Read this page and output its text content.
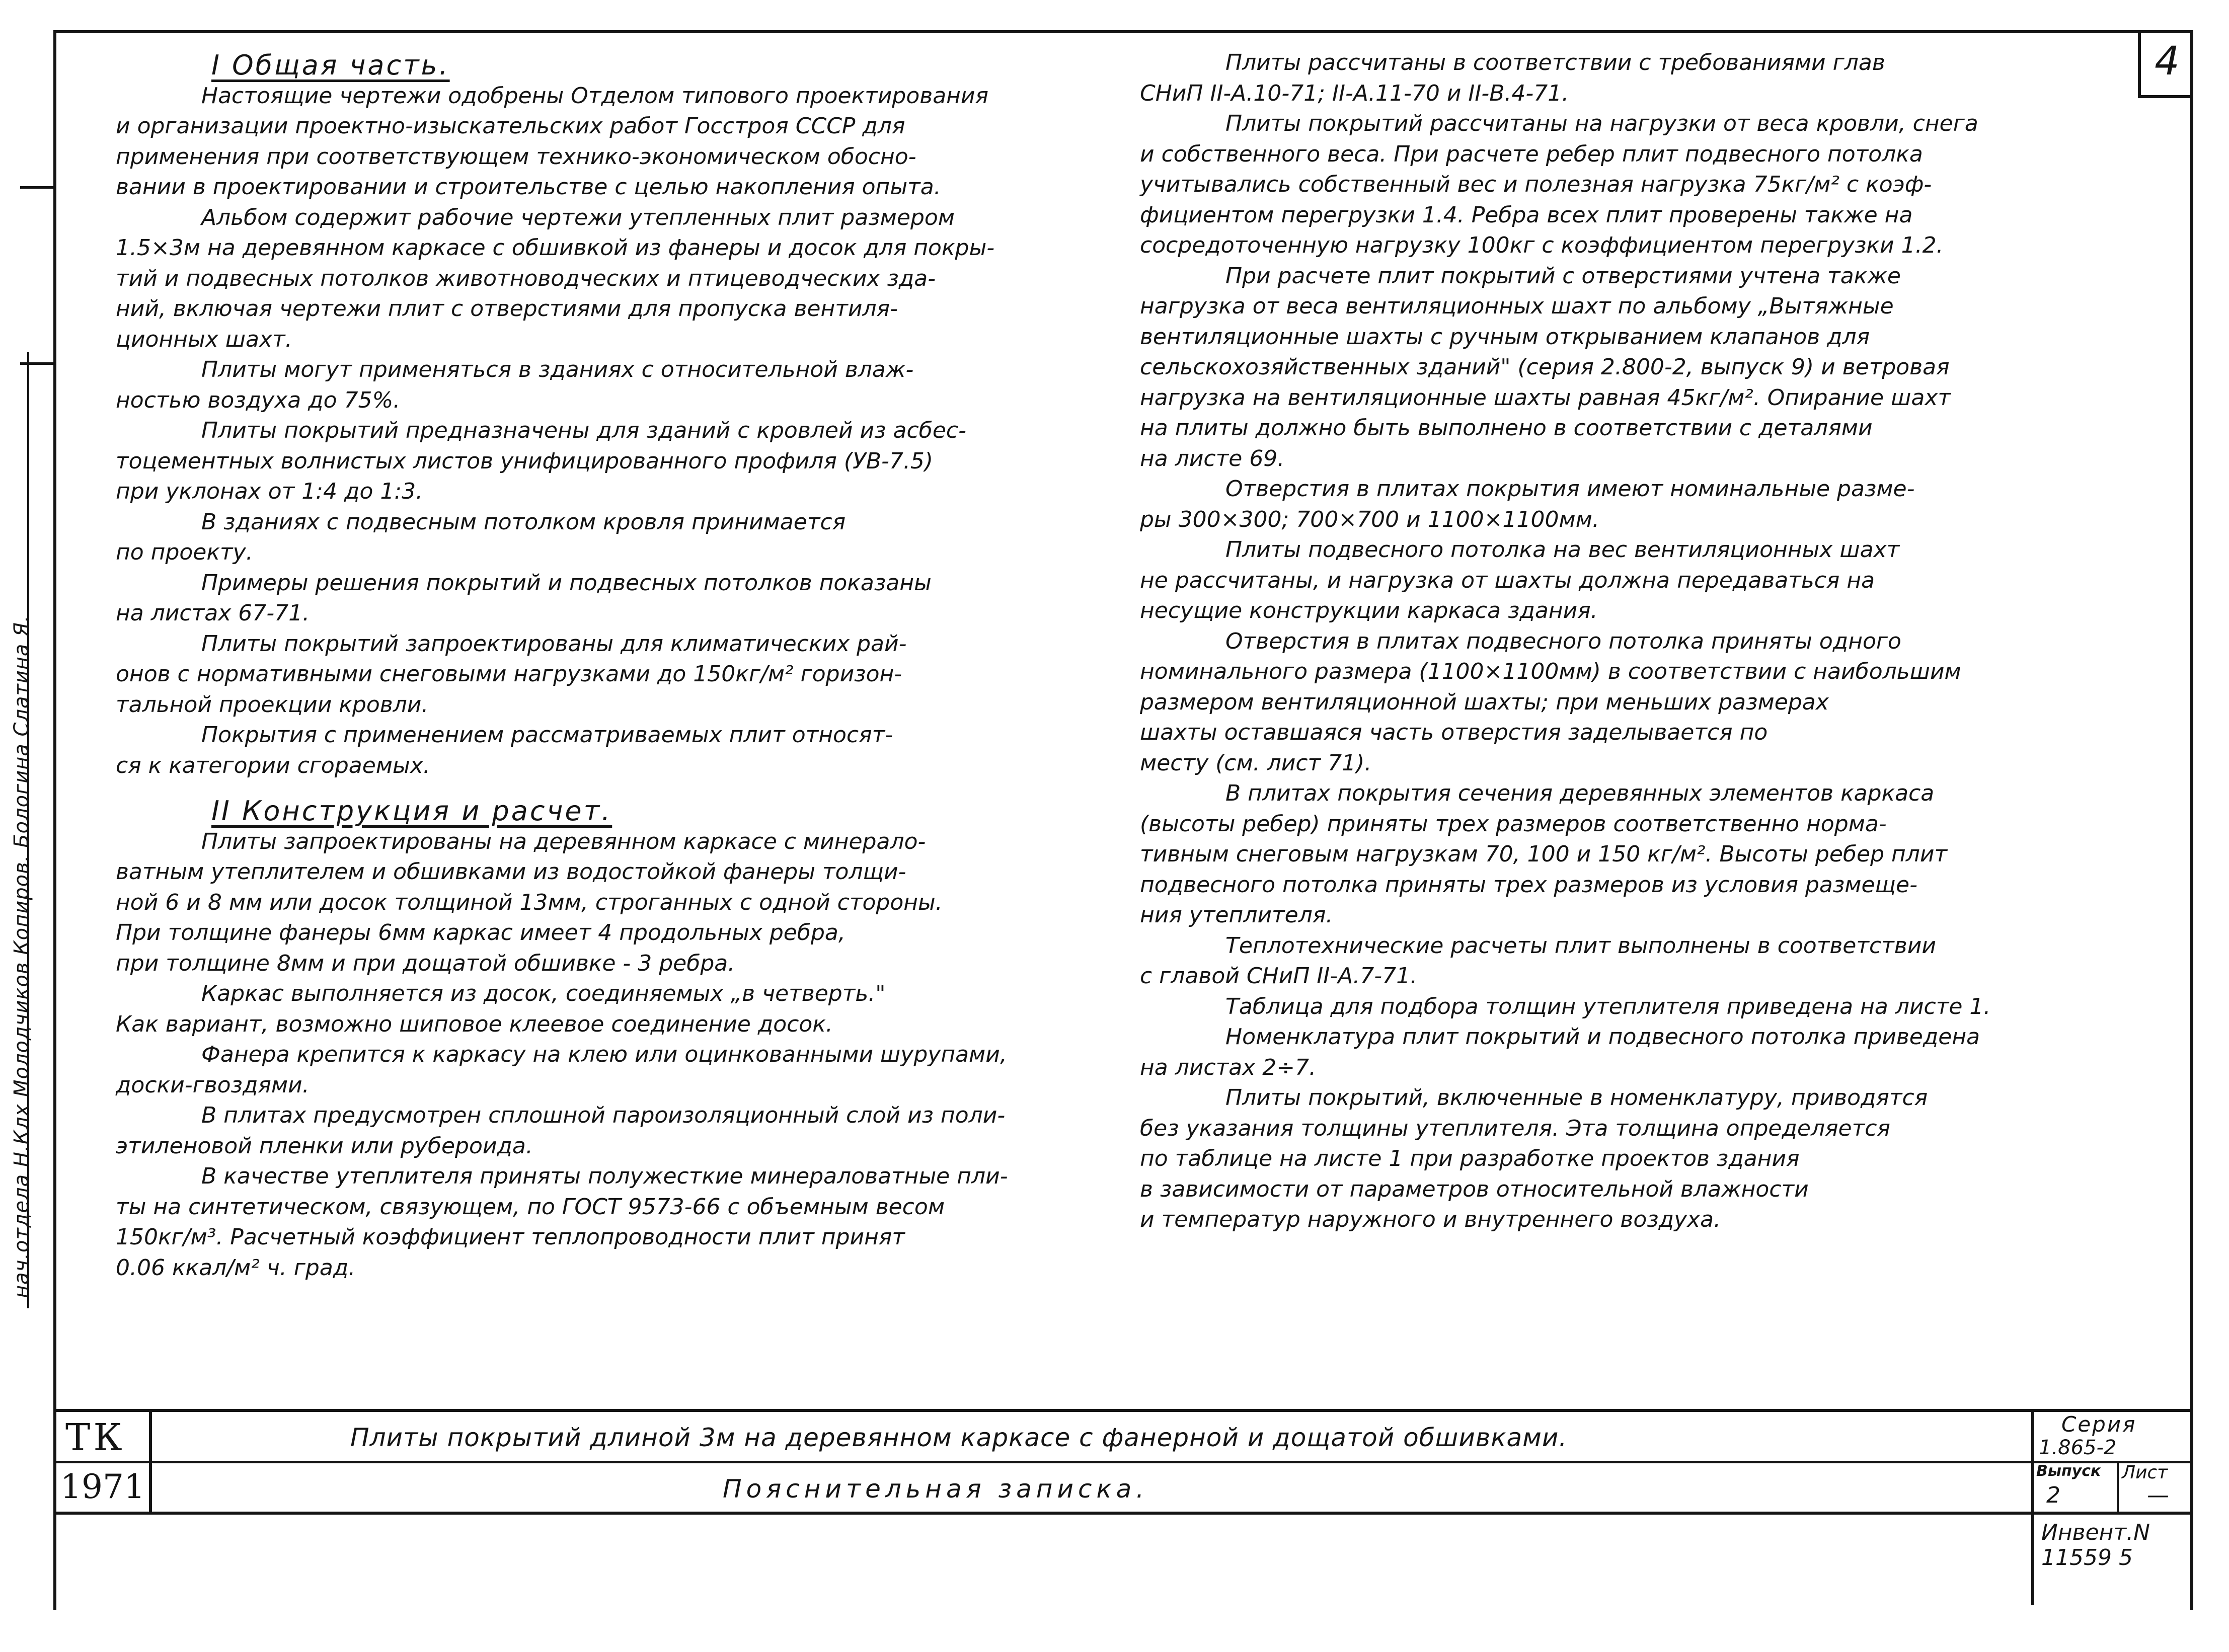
нач.отдела Н.Клх Молодчиков Копиров. Бологина Слатина Я.
4
I Общая часть.
Настоящие чертежи одобрены Отделом типового проектирования
и организации проектно-изыскательских работ Госстроя СССР для
применения при соответствующем технико-экономическом обосно-
вании в проектировании и строительстве с целью накопления опыта.
Альбом содержит рабочие чертежи утепленных плит размером
1.5×3м на деревянном каркасе с обшивкой из фанеры и досок для покры-
тий и подвесных потолков животноводческих и птицеводческих зда-
ний, включая чертежи плит с отверстиями для пропуска вентиля-
ционных шахт.
Плиты могут применяться в зданиях с относительной влаж-
ностью воздуха до 75%.
Плиты покрытий предназначены для зданий с кровлей из асбес-
тоцементных волнистых листов унифицированного профиля (УВ-7.5)
при уклонах от 1:4 до 1:3.
В зданиях с подвесным потолком кровля принимается
по проекту.
Примеры решения покрытий и подвесных потолков показаны
на листах 67-71.
Плиты покрытий запроектированы для климатических рай-
онов с нормативными снеговыми нагрузками до 150кг/м² горизон-
тальной проекции кровли.
Покрытия с применением рассматриваемых плит относят-
ся к категории сгораемых.
II Конструкция и расчет.
Плиты запроектированы на деревянном каркасе с минерало-
ватным утеплителем и обшивками из водостойкой фанеры толщи-
ной 6 и 8 мм или досок толщиной 13мм, строганных с одной стороны.
При толщине фанеры 6мм каркас имеет 4 продольных ребра,
при толщине 8мм и при дощатой обшивке - 3 ребра.
Каркас выполняется из досок, соединяемых „в четверть."
Как вариант, возможно шиповое клеевое соединение досок.
Фанера крепится к каркасу на клею или оцинкованными шурупами,
доски-гвоздями.
В плитах предусмотрен сплошной пароизоляционный слой из поли-
этиленовой пленки или рубероида.
В качестве утеплителя приняты полужесткие минераловатные пли-
ты на синтетическом, связующем, по ГОСТ 9573-66 с объемным весом
150кг/м³. Расчетный коэффициент теплопроводности плит принят
0.06 ккал/м² ч. град.
Плиты рассчитаны в соответствии с требованиями глав
СНиП II-А.10-71; II-А.11-70 и II-В.4-71.
Плиты покрытий рассчитаны на нагрузки от веса кровли, снега
и собственного веса. При расчете ребер плит подвесного потолка
учитывались собственный вес и полезная нагрузка 75кг/м² с коэф-
фициентом перегрузки 1.4. Ребра всех плит проверены также на
сосредоточенную нагрузку 100кг с коэффициентом перегрузки 1.2.
При расчете плит покрытий с отверстиями учтена также
нагрузка от веса вентиляционных шахт по альбому „Вытяжные
вентиляционные шахты с ручным открыванием клапанов для
сельскохозяйственных зданий" (серия 2.800-2, выпуск 9) и ветровая
нагрузка на вентиляционные шахты равная 45кг/м². Опирание шахт
на плиты должно быть выполнено в соответствии с деталями
на листе 69.
Отверстия в плитах покрытия имеют номинальные разме-
ры 300×300; 700×700 и 1100×1100мм.
Плиты подвесного потолка на вес вентиляционных шахт
не рассчитаны, и нагрузка от шахты должна передаваться на
несущие конструкции каркаса здания.
Отверстия в плитах подвесного потолка приняты одного
номинального размера (1100×1100мм) в соответствии с наибольшим
размером вентиляционной шахты; при меньших размерах
шахты оставшаяся часть отверстия заделывается по
месту (см. лист 71).
В плитах покрытия сечения деревянных элементов каркаса
(высоты ребер) приняты трех размеров соответственно норма-
тивным снеговым нагрузкам 70, 100 и 150 кг/м². Высоты ребер плит
подвесного потолка приняты трех размеров из условия размеще-
ния утеплителя.
Теплотехнические расчеты плит выполнены в соответствии
с главой СНиП II-А.7-71.
Таблица для подбора толщин утеплителя приведена на листе 1.
Номенклатура плит покрытий и подвесного потолка приведена
на листах 2÷7.
Плиты покрытий, включенные в номенклатуру, приводятся
без указания толщины утеплителя. Эта толщина определяется
по таблице на листе 1 при разработке проектов здания
в зависимости от параметров относительной влажности
и температур наружного и внутреннего воздуха.
ТК
1971
Плиты покрытий длиной 3м на деревянном каркасе с фанерной и дощатой обшивками.
Пояснительная записка.
Серия
1.865-2
Выпуск
2
Лист
—
Инвент.N
11559 5
